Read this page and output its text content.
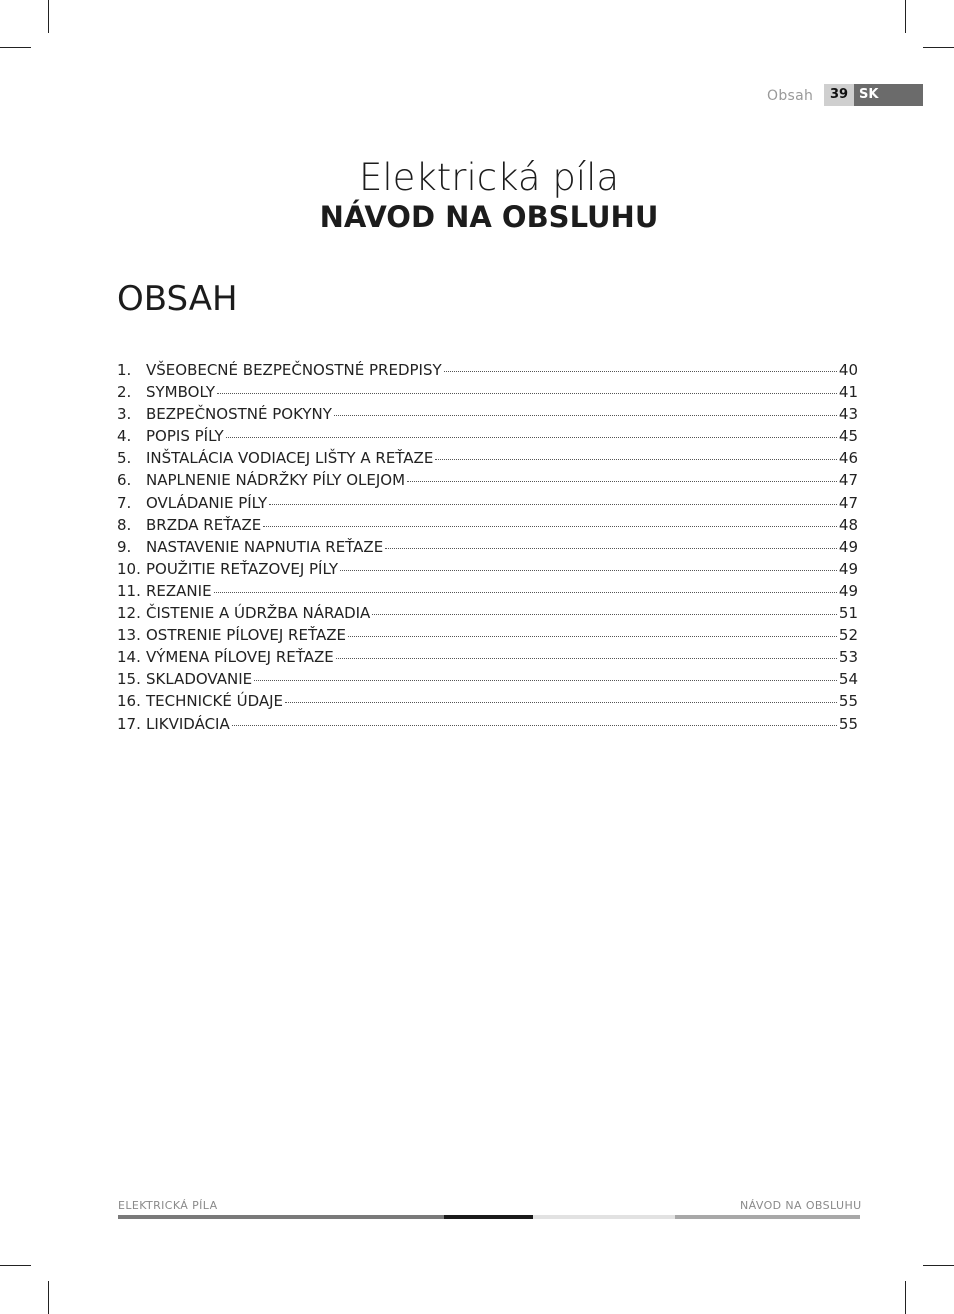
Obsah	39 SK
Elektrická píla
NÁVOD NA OBSLUHU
OBSAH
1. VŠEOBECNÉ BEZPEČNOSTNÉ PREDPISY	40
2. SYMBOLY	41
3. BEZPEČNOSTNÉ POKYNY	43
4. POPIS PÍLY	45
5. INŠTALÁCIA VODIACEJ LIŠTY A REŤAZE	46
6. NAPLNENIE NÁDRŽKY PÍLY OLEJOM	47
7. OVLÁDANIE PÍLY	47
8. BRZDA REŤAZE	48
9. NASTAVENIE NAPNUTIA REŤAZE	49
10. POUŽITIE REŤAZOVEJ PÍLY	49
11. REZANIE	49
12. ČISTENIE A ÚDRŽBA NÁRADIA	51
13. OSTRENIE PÍLOVEJ REŤAZE	52
14. VÝMENA PÍLOVEJ REŤAZE	53
15. SKLADOVANIE	54
16. TECHNICKÉ ÚDAJE	55
17. LIKVIDÁCIA	55
ELEKTRICKÁ PÍLA	NÁVOD NA OBSLUHU
